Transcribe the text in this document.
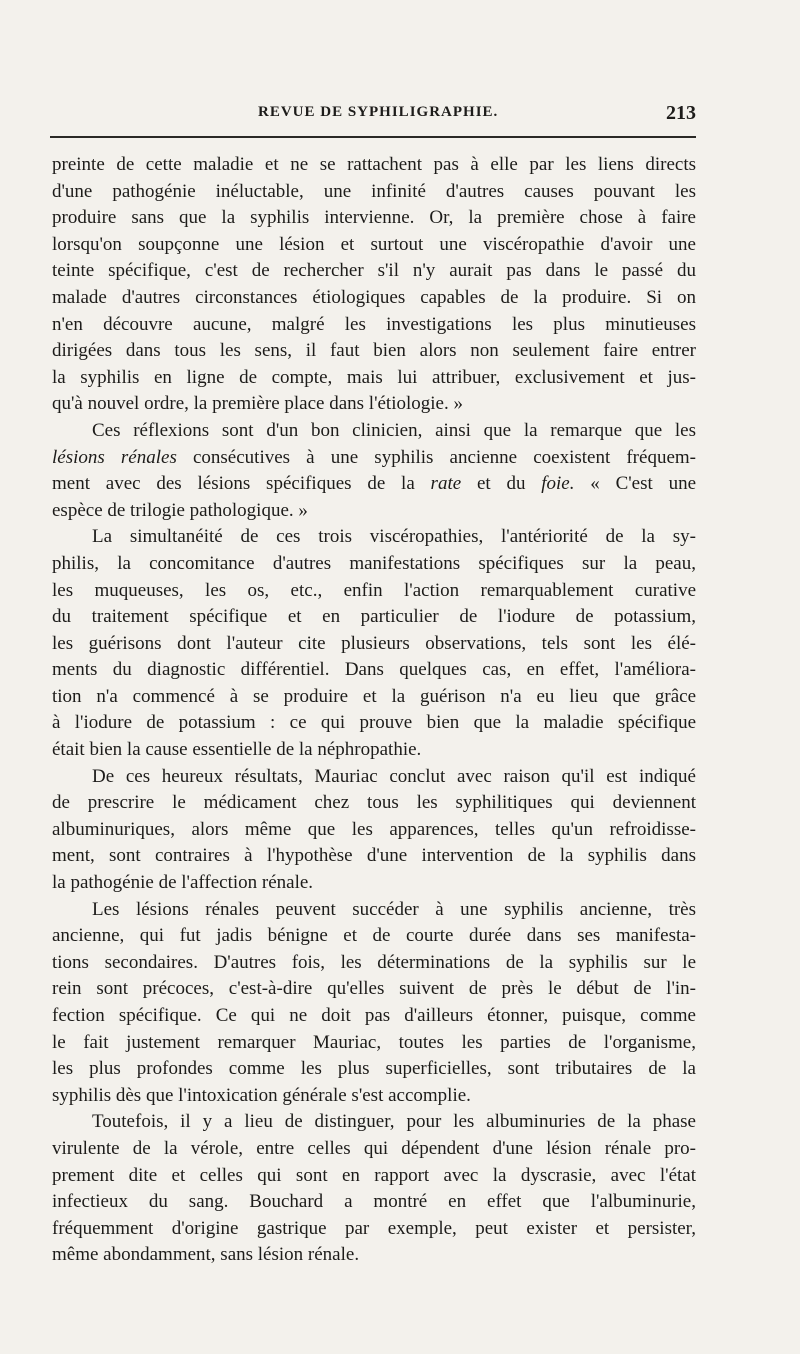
REVUE DE SYPHILIGRAPHIE.	213
preinte de cette maladie et ne se rattachent pas à elle par les liens directs
d'une pathogénie inéluctable, une infinité d'autres causes pouvant les
produire sans que la syphilis intervienne. Or, la première chose à faire
lorsqu'on soupçonne une lésion et surtout une viscéropathie d'avoir une
teinte spécifique, c'est de rechercher s'il n'y aurait pas dans le passé du
malade d'autres circonstances étiologiques capables de la produire. Si on
n'en découvre aucune, malgré les investigations les plus minutieuses
dirigées dans tous les sens, il faut bien alors non seulement faire entrer
la syphilis en ligne de compte, mais lui attribuer, exclusivement et jus-
qu'à nouvel ordre, la première place dans l'étiologie. »
Ces réflexions sont d'un bon clinicien, ainsi que la remarque que les
lésions rénales consécutives à une syphilis ancienne coexistent fréquem-
ment avec des lésions spécifiques de la rate et du foie. « C'est une
espèce de trilogie pathologique. »
La simultanéité de ces trois viscéropathies, l'antériorité de la sy-
philis, la concomitance d'autres manifestations spécifiques sur la peau,
les muqueuses, les os, etc., enfin l'action remarquablement curative
du traitement spécifique et en particulier de l'iodure de potassium,
les guérisons dont l'auteur cite plusieurs observations, tels sont les élé-
ments du diagnostic différentiel. Dans quelques cas, en effet, l'améliora-
tion n'a commencé à se produire et la guérison n'a eu lieu que grâce
à l'iodure de potassium : ce qui prouve bien que la maladie spécifique
était bien la cause essentielle de la néphropathie.
De ces heureux résultats, Mauriac conclut avec raison qu'il est indiqué
de prescrire le médicament chez tous les syphilitiques qui deviennent
albuminuriques, alors même que les apparences, telles qu'un refroidisse-
ment, sont contraires à l'hypothèse d'une intervention de la syphilis dans
la pathogénie de l'affection rénale.
Les lésions rénales peuvent succéder à une syphilis ancienne, très
ancienne, qui fut jadis bénigne et de courte durée dans ses manifesta-
tions secondaires. D'autres fois, les déterminations de la syphilis sur le
rein sont précoces, c'est-à-dire qu'elles suivent de près le début de l'in-
fection spécifique. Ce qui ne doit pas d'ailleurs étonner, puisque, comme
le fait justement remarquer Mauriac, toutes les parties de l'organisme,
les plus profondes comme les plus superficielles, sont tributaires de la
syphilis dès que l'intoxication générale s'est accomplie.
Toutefois, il y a lieu de distinguer, pour les albuminuries de la phase
virulente de la vérole, entre celles qui dépendent d'une lésion rénale pro-
prement dite et celles qui sont en rapport avec la dyscrasie, avec l'état
infectieux du sang. Bouchard a montré en effet que l'albuminurie,
fréquemment d'origine gastrique par exemple, peut exister et persister,
même abondamment, sans lésion rénale.
